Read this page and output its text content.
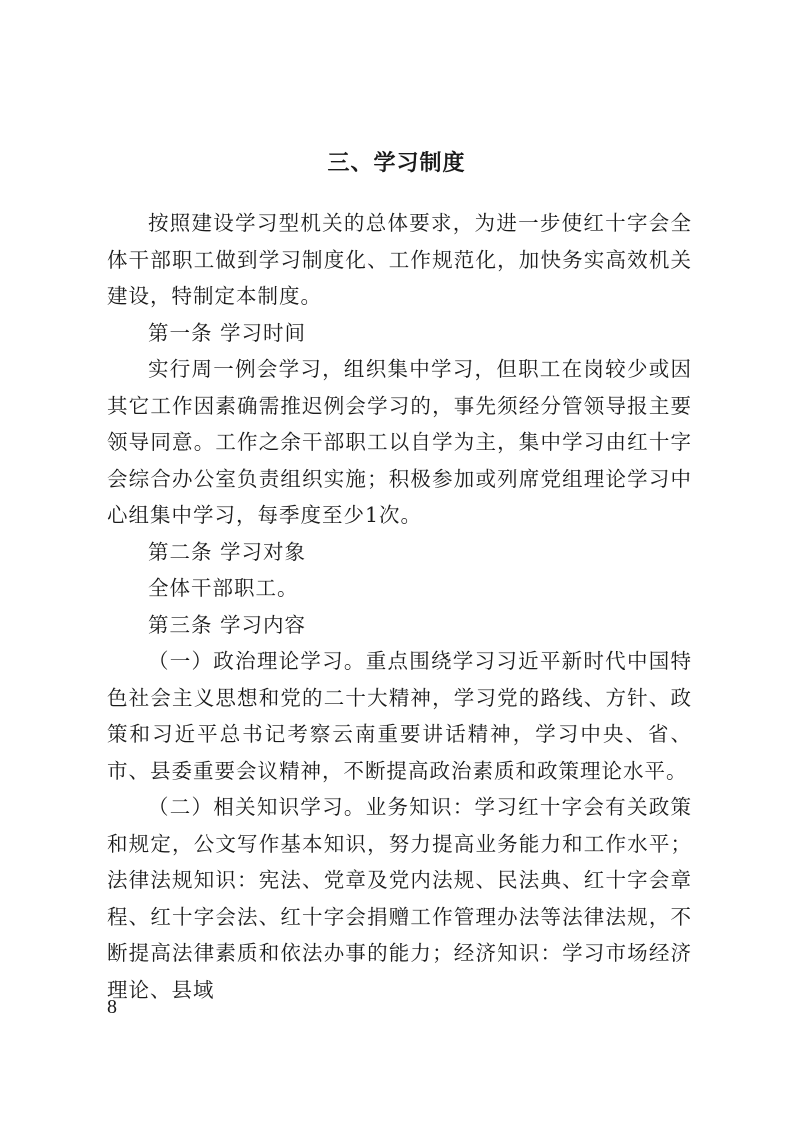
三、学习制度

按照建设学习型机关的总体要求，为进一步使红十字会全体干部职工做到学习制度化、工作规范化，加快务实高效机关建设，特制定本制度。

第一条 学习时间

实行周一例会学习，组织集中学习，但职工在岗较少或因其它工作因素确需推迟例会学习的，事先须经分管领导报主要领导同意。工作之余干部职工以自学为主，集中学习由红十字会综合办公室负责组织实施；积极参加或列席党组理论学习中心组集中学习，每季度至少1次。

第二条 学习对象

全体干部职工。

第三条 学习内容

（一）政治理论学习。重点围绕学习习近平新时代中国特色社会主义思想和党的二十大精神，学习党的路线、方针、政策和习近平总书记考察云南重要讲话精神，学习中央、省、市、县委重要会议精神，不断提高政治素质和政策理论水平。

（二）相关知识学习。业务知识：学习红十字会有关政策和规定，公文写作基本知识，努力提高业务能力和工作水平；法律法规知识：宪法、党章及党内法规、民法典、红十字会章程、红十字会法、红十字会捐赠工作管理办法等法律法规，不断提高法律素质和依法办事的能力；经济知识：学习市场经济理论、县域

8
